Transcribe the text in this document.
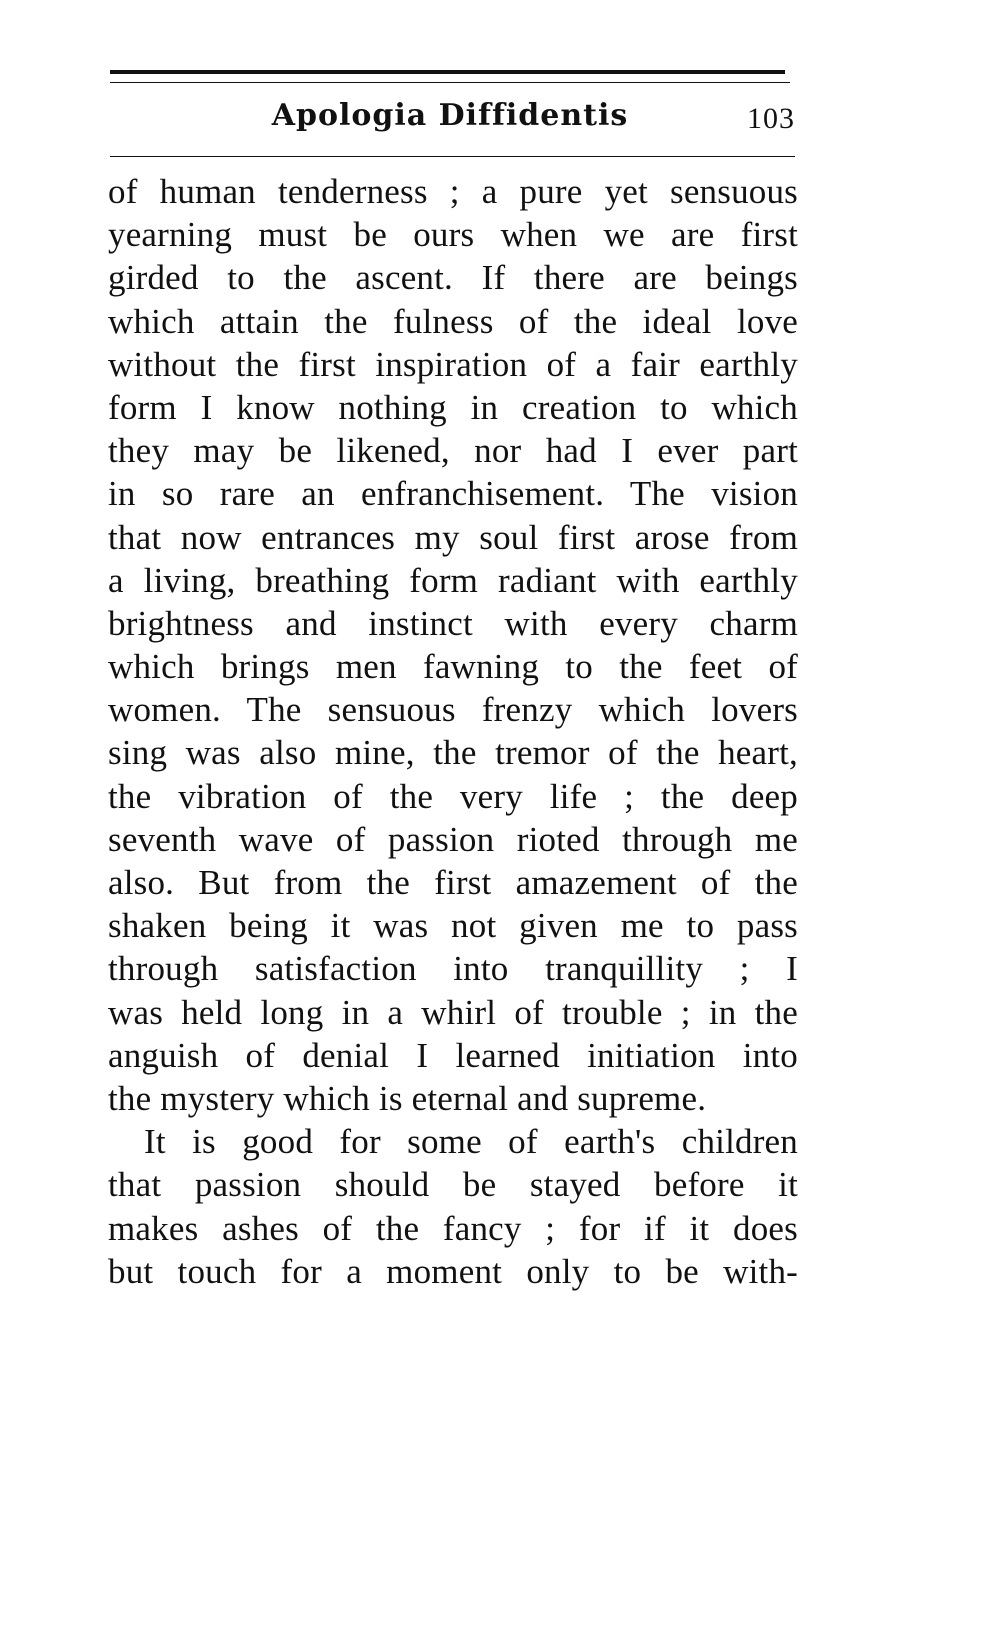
Apologia Diffidentis	103
of human tenderness ; a pure yet sensuous
yearning must be ours when we are first
girded to the ascent. If there are beings
which attain the fulness of the ideal love
without the first inspiration of a fair earthly
form I know nothing in creation to which
they may be likened, nor had I ever part
in so rare an enfranchisement. The vision
that now entrances my soul first arose from
a living, breathing form radiant with earthly
brightness and instinct with every charm
which brings men fawning to the feet of
women. The sensuous frenzy which lovers
sing was also mine, the tremor of the heart,
the vibration of the very life ; the deep
seventh wave of passion rioted through me
also. But from the first amazement of the
shaken being it was not given me to pass
through satisfaction into tranquillity ; I
was held long in a whirl of trouble ; in the
anguish of denial I learned initiation into
the mystery which is eternal and supreme.
It is good for some of earth's children
that passion should be stayed before it
makes ashes of the fancy ; for if it does
but touch for a moment only to be with-
